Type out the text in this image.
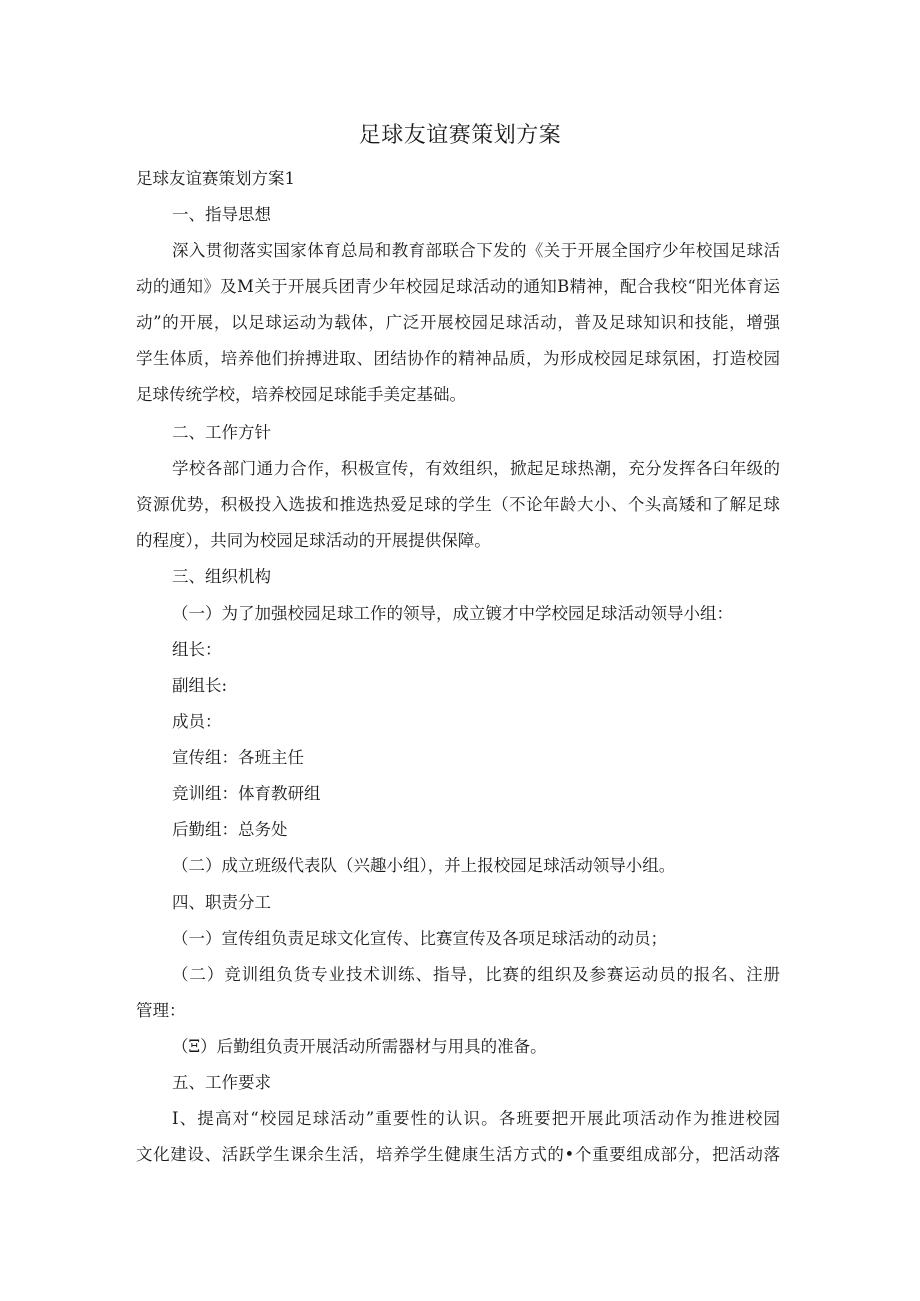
足球友谊赛策划方案
足球友谊赛策划方案1
一、指导思想
深入贯彻落实国家体育总局和教育部联合下发的《关于开展全国疗少年校国足球活
动的通知》及M关于开展兵团青少年校园足球活动的通知B精神，配合我校“阳光体育运
动”的开展，以足球运动为载体，广泛开展校园足球活动，普及足球知识和技能，增强
学生体质，培养他们拚搏进取、团结协作的精神品质，为形成校园足球氛困，打造校园
足球传统学校，培养校园足球能手美定基础。
二、工作方针
学校各部门通力合作，积极宣传，有效组织，掀起足球热潮，充分发挥各臼年级的
资源优势，积极投入选拔和推选热爱足球的学生（不论年龄大小、个头高矮和了解足球
的程度），共同为校园足球活动的开展提供保障。
三、组织机构
（一）为了加强校园足球工作的领导，成立镀才中学校园足球活动领导小组：
组长：
副组长:
成员：
宣传组：各班主任
竞训组：体育教研组
后勤组：总务处
（二）成立班级代表队（兴趣小组），并上报校园足球活动领导小组。
四、职责分工
（一）宣传组负责足球文化宣传、比赛宣传及各项足球活动的动员；
（二）竞训组负货专业技术训练、指导，比赛的组织及参赛运动员的报名、注册
管理：
（Ξ）后勤组负责开展活动所需器材与用具的准备。
五、工作要求
I、提高对“校园足球活动”重要性的认识。各班要把开展此项活动作为推进校园
文化建设、活跃学生课余生活，培养学生健康生活方式的•个重要组成部分，把活动落
